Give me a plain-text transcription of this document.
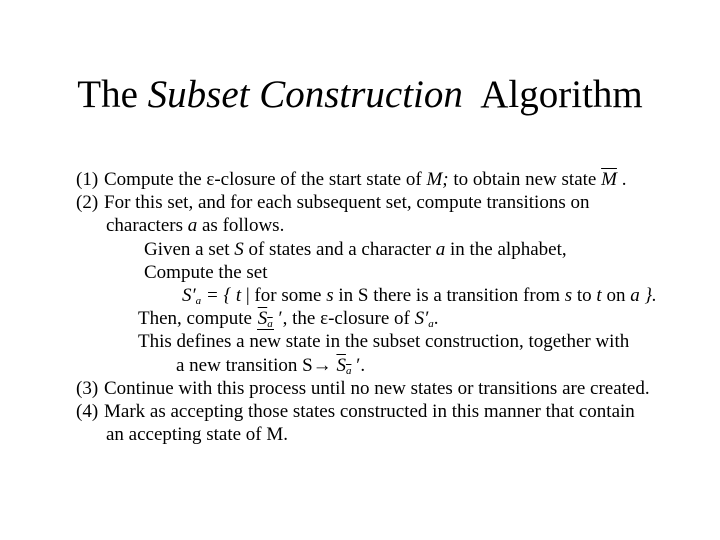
The Subset Construction  Algorithm
(1) Compute the ε-closure of the start state of M; to obtain new state $\overline{M}$ .
(2) For this set, and for each subsequent set, compute transitions on
characters a as follows.
Given a set S of states and a character a in the alphabet,
Compute the set
$S'_a$ = { t | for some s in S there is a transition from s to t on a }.
Then, compute $S_a$ ′, the ε-closure of $S'_a$.
This defines a new state in the subset construction, together with
a new transition $S\to S_a$ ′.
(3) Continue with this process until no new states or transitions are created.
(4) Mark as accepting those states constructed in this manner that contain
an accepting state of M.
